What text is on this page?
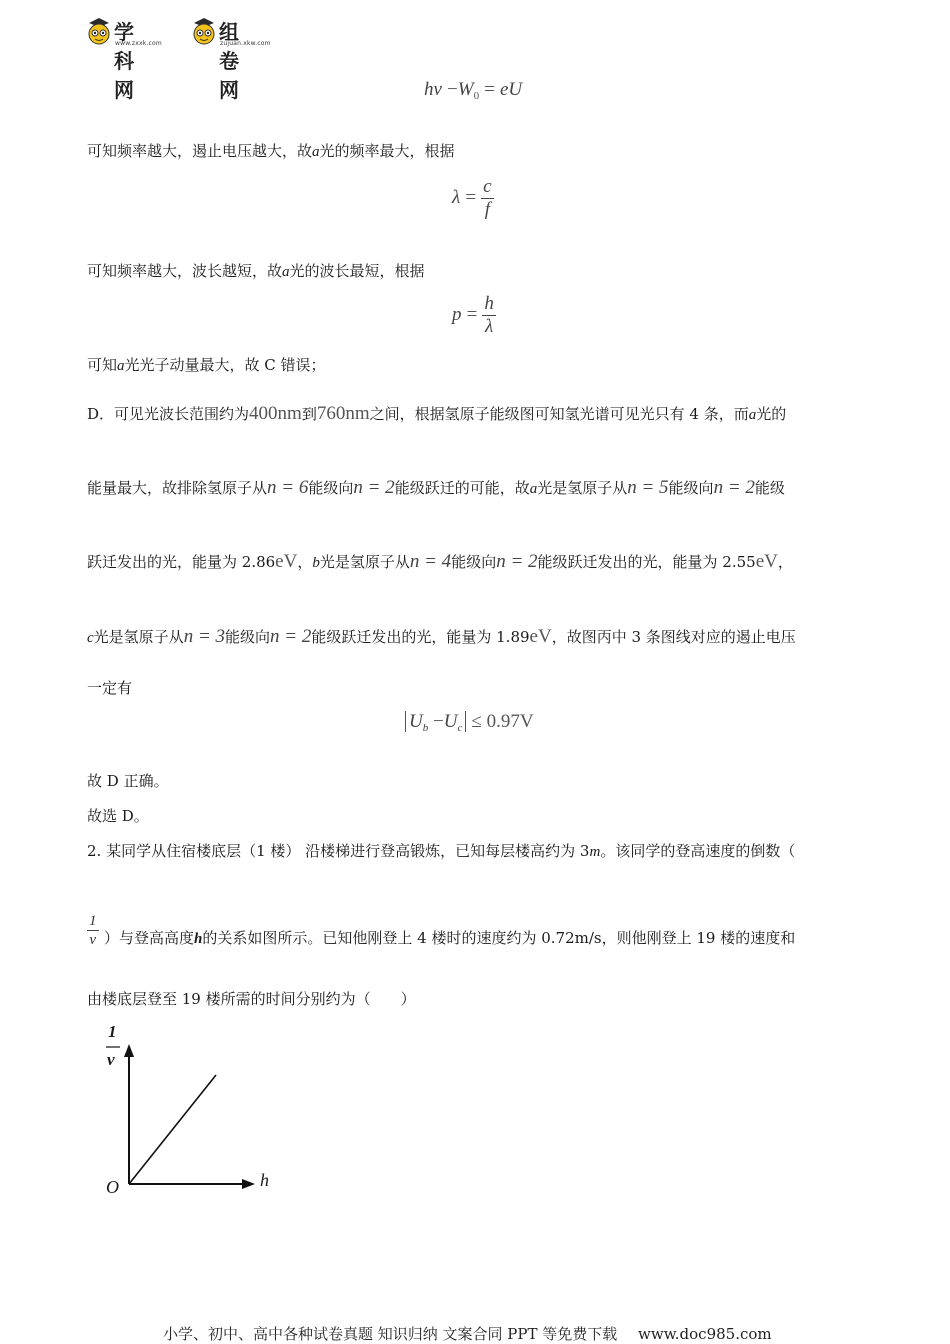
学科网
www.zxxk.com	组卷网
zujuan.xkw.com
hv $-W_0$ = eU
可知频率越大，遏止电压越大，故a光的频率最大，根据
$\lambda = \frac{c}{f}$
可知频率越大，波长越短，故a光的波长最短，根据
$p = \frac{h}{\lambda}$
可知a光光子动量最大，故 C 错误；
D．可见光波长范围约为400nm到760nm之间，根据氢原子能级图可知氢光谱可见光只有 4 条，而a光的
能量最大，故排除氢原子从n = 6能级向n = 2能级跃迁的可能，故a光是氢原子从n = 5能级向n = 2能级
跃迁发出的光，能量为 2.86eV，b光是氢原子从n = 4能级向n = 2能级跃迁发出的光，能量为 2.55eV，
c光是氢原子从n = 3能级向n = 2能级跃迁发出的光，能量为 1.89eV，故图丙中 3 条图线对应的遏止电压
一定有
$U_b -U_c \le 0.97V$
故 D 正确。
故选 D。
2. 某同学从住宿楼底层（1 楼） 沿楼梯进行登高锻炼，已知每层楼高约为 3m。该同学的登高速度的倒数（
$\frac{1}{v}$ ）与登高高度h的关系如图所示。已知他刚登上 4 楼时的速度约为 0.72m/s，则他刚登上 19 楼的速度和
由楼底层登至 19 楼所需的时间分别约为（　　）
1
v
h
O
小学、初中、高中各种试卷真题 知识归纳 文案合同 PPT 等免费下载 www.doc985.com
